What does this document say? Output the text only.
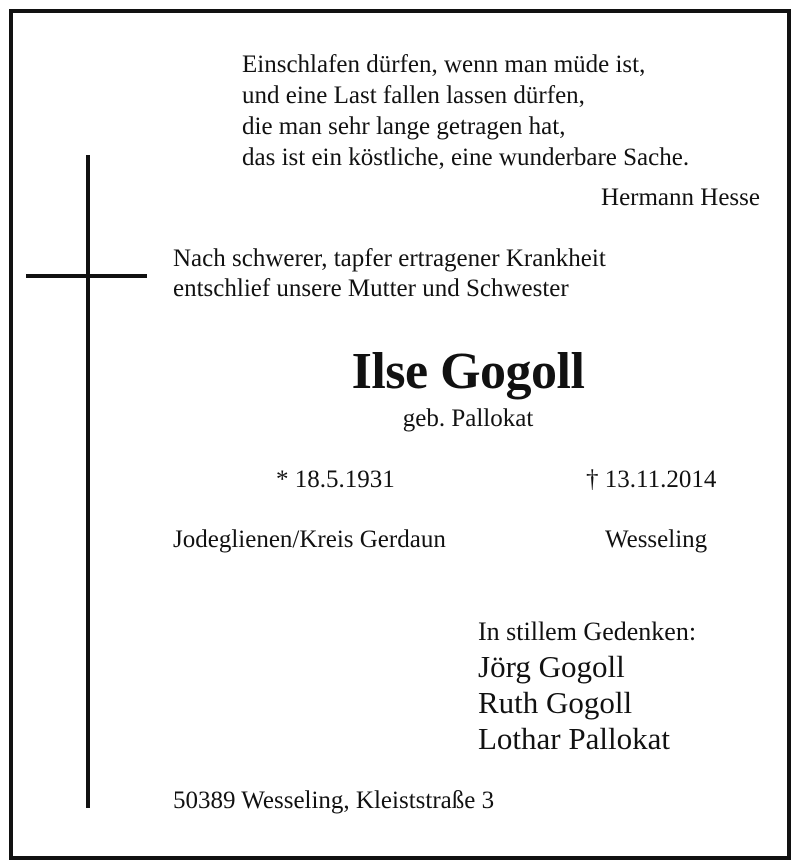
Einschlafen dürfen, wenn man müde ist,
und eine Last fallen lassen dürfen,
die man sehr lange getragen hat,
das ist ein köstliche, eine wunderbare Sache.
Hermann Hesse
Nach schwerer, tapfer ertragener Krankheit
entschlief unsere Mutter und Schwester
Ilse Gogoll
geb. Pallokat
* 18.5.1931	† 13.11.2014
Jodeglienen/Kreis Gerdaun	Wesseling
In stillem Gedenken:
Jörg Gogoll
Ruth Gogoll
Lothar Pallokat
50389 Wesseling, Kleiststraße 3
